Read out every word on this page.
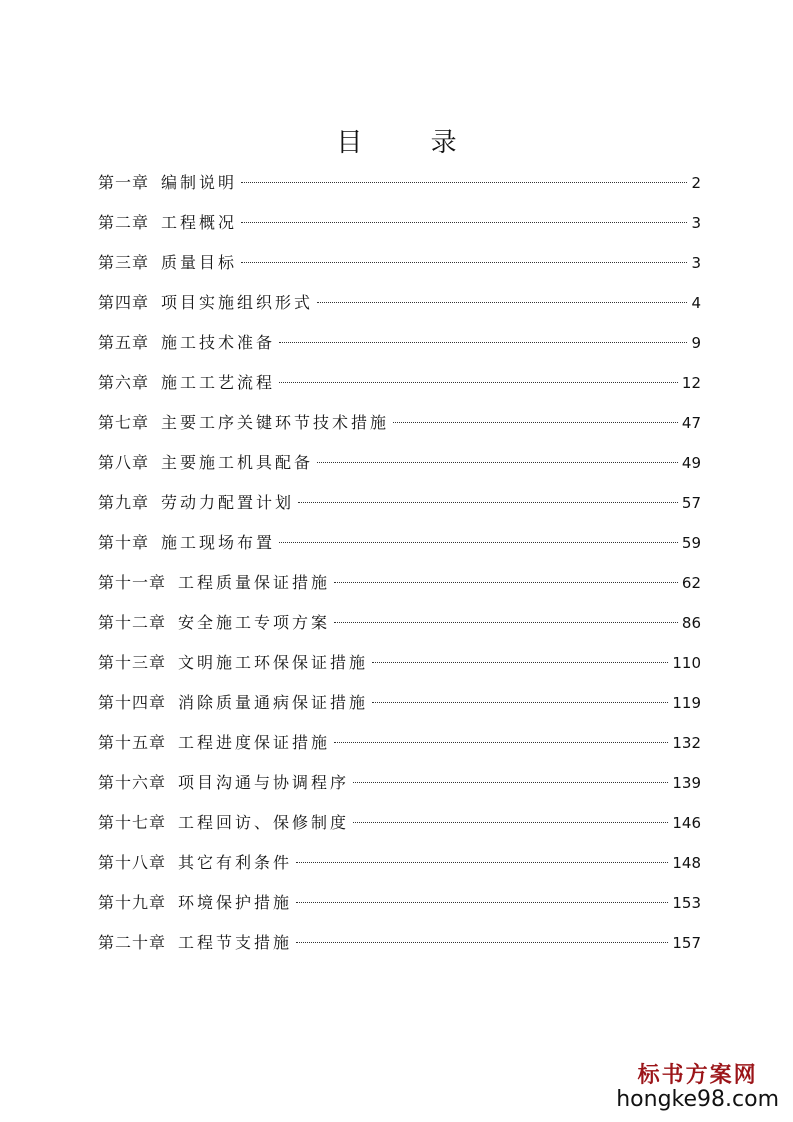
目 录
第一章 编制说明	2
第二章 工程概况	3
第三章 质量目标	3
第四章 项目实施组织形式	4
第五章 施工技术准备	9
第六章 施工工艺流程	12
第七章 主要工序关键环节技术措施	47
第八章 主要施工机具配备	49
第九章 劳动力配置计划	57
第十章 施工现场布置	59
第十一章 工程质量保证措施	62
第十二章 安全施工专项方案	86
第十三章 文明施工环保保证措施	110
第十四章 消除质量通病保证措施	119
第十五章 工程进度保证措施	132
第十六章 项目沟通与协调程序	139
第十七章 工程回访、保修制度	146
第十八章 其它有利条件	148
第十九章 环境保护措施	153
第二十章 工程节支措施	157
标书方案网
hongke98.com
